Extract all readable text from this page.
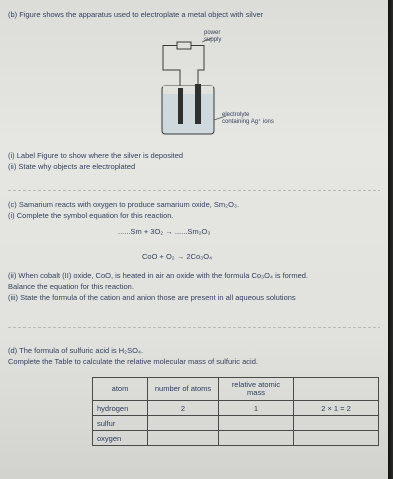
(b) Figure shows the apparatus used to electroplate a metal object with silver
power
supply
electrolyte
containing Ag⁺ ions
(i) Label Figure to show where the silver is deposited
(ii) State why objects are electroplated
(c) Samarium reacts with oxygen to produce samarium oxide, Sm₂O₃.
(i) Complete the symbol equation for this reaction.
......Sm + 3O₂ → ......Sm₂O₃
CoO + O₂ → 2Co₃O₄
(ii) When cobalt (II) oxide, CoO, is heated in air an oxide with the formula Co₃O₄ is formed.
Balance the equation for this reaction.
(iii) State the formula of the cation and anion those are present in all aqueous solutions
(d) The formula of sulfuric acid is H₂SO₄.
Complete the Table to calculate the relative molecular mass of sulfuric acid.
atom	number of atoms	relative atomic mass	
hydrogen	2	1	2 × 1 = 2
sulfur			
oxygen			
